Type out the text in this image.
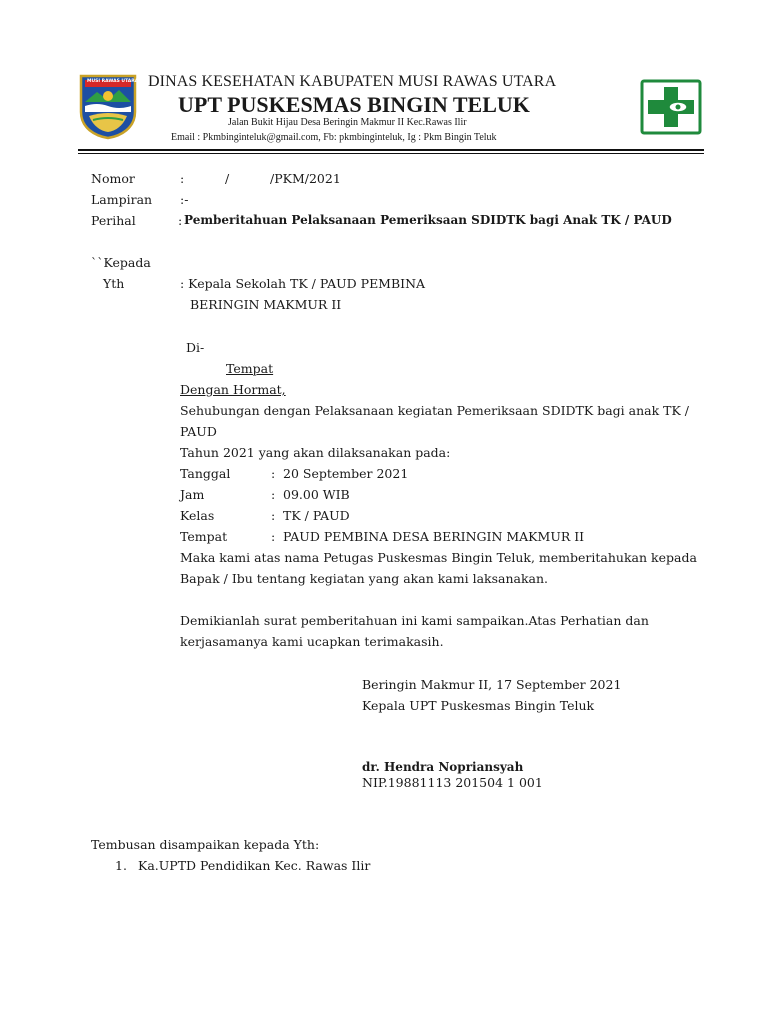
MUSI RAWAS UTARA DINAS KESEHATAN KABUPATEN MUSI RAWAS UTARA
UPT PUSKESMAS BINGIN TELUK
Jalan Bukit Hijau Desa Beringin Makmur II Kec.Rawas Ilir
Email : Pkmbinginteluk@gmail.com, Fb: pkmbinginteluk, Ig : Pkm Bingin Teluk
Nomor	:	/	/PKM/2021
Lampiran :-
Perihal	: Pemberitahuan Pelaksanaan Pemeriksaan SDIDTK bagi Anak TK / PAUD
``Kepada
Yth	: Kepala Sekolah TK / PAUD PEMBINA
BERINGIN MAKMUR II
Di-
Tempat
Dengan Hormat,
Sehubungan dengan Pelaksanaan kegiatan Pemeriksaan SDIDTK bagi anak TK /
PAUD
Tahun 2021 yang akan dilaksanakan pada:
Tanggal	: 20 September 2021
Jam	: 09.00 WIB
Kelas	: TK / PAUD
Tempat	: PAUD PEMBINA DESA BERINGIN MAKMUR II
Maka kami atas nama Petugas Puskesmas Bingin Teluk, memberitahukan kepada
Bapak / Ibu tentang kegiatan yang akan kami laksanakan.
Demikianlah surat pemberitahuan ini kami sampaikan.Atas Perhatian dan
kerjasamanya kami ucapkan terimakasih.
Beringin Makmur II, 17 September 2021
Kepala UPT Puskesmas Bingin Teluk
dr. Hendra Nopriansyah
NIP.19881113 201504 1 001
Tembusan disampaikan kepada Yth:
1. Ka.UPTD Pendidikan Kec. Rawas Ilir
